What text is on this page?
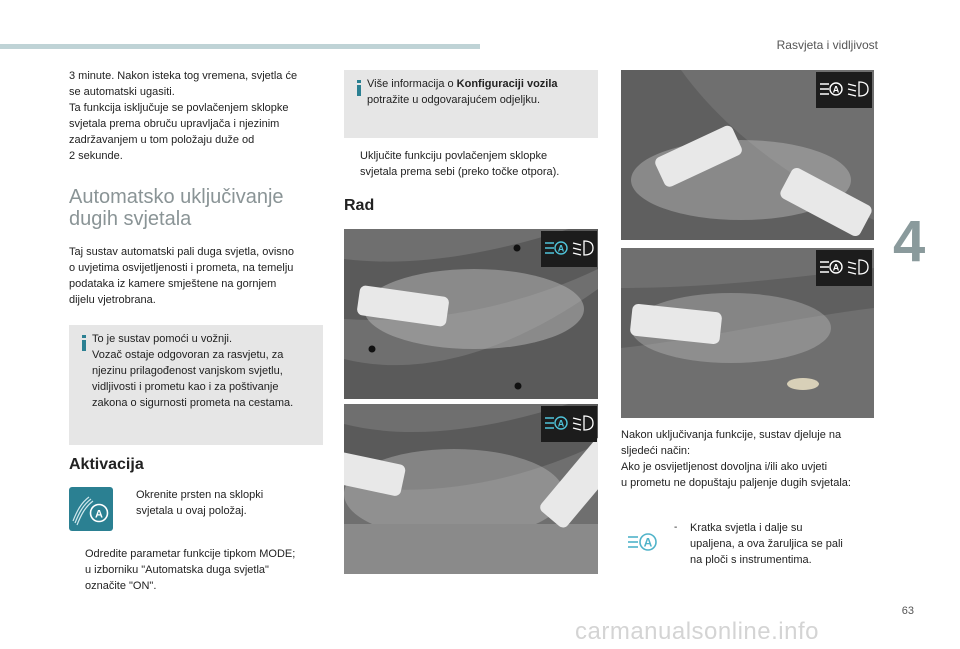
Rasvjeta i vidljivost
4
63
carmanualsonline.info

3 minute. Nakon isteka tog vremena, svjetla će

se automatski ugasiti.

Ta funkcija isključuje se povlačenjem sklopke

svjetala prema obruču upravljača i njezinim

zadržavanjem u tom položaju duže od

2 sekunde.

Automatsko uključivanje

dugih svjetala

Taj sustav automatski pali duga svjetla, ovisno

o uvjetima osvijetljenosti i prometa, na temelju

podataka iz kamere smještene na gornjem

dijelu vjetrobrana.

To je sustav pomoći u vožnji.

Vozač ostaje odgovoran za rasvjetu, za

njezinu prilagođenost vanjskom svjetlu,

vidljivosti i prometu kao i za poštivanje

zakona o sigurnosti prometa na cestama.

Aktivacija
A
Okrenite prsten na sklopki
svjetala u ovaj položaj.
Odredite parametar funkcije tipkom MODE;
u izborniku "Automatska duga svjetla"
označite "ON".

Više informacija o Konfiguraciji vozila

potražite u odgovarajućem odjeljku.

Uključite funkciju povlačenjem sklopke
svjetala prema sebi (preko točke otpora).
Rad
A
A
A
A

Nakon uključivanja funkcije, sustav djeluje na

sljedeći način:

Ako je osvijetljenost dovoljna i/ili ako uvjeti

u prometu ne dopuštaju paljenje dugih svjetala:

A
-	Kratka svjetla i dalje su
upaljena, a ova žaruljica se pali
na ploči s instrumentima.
